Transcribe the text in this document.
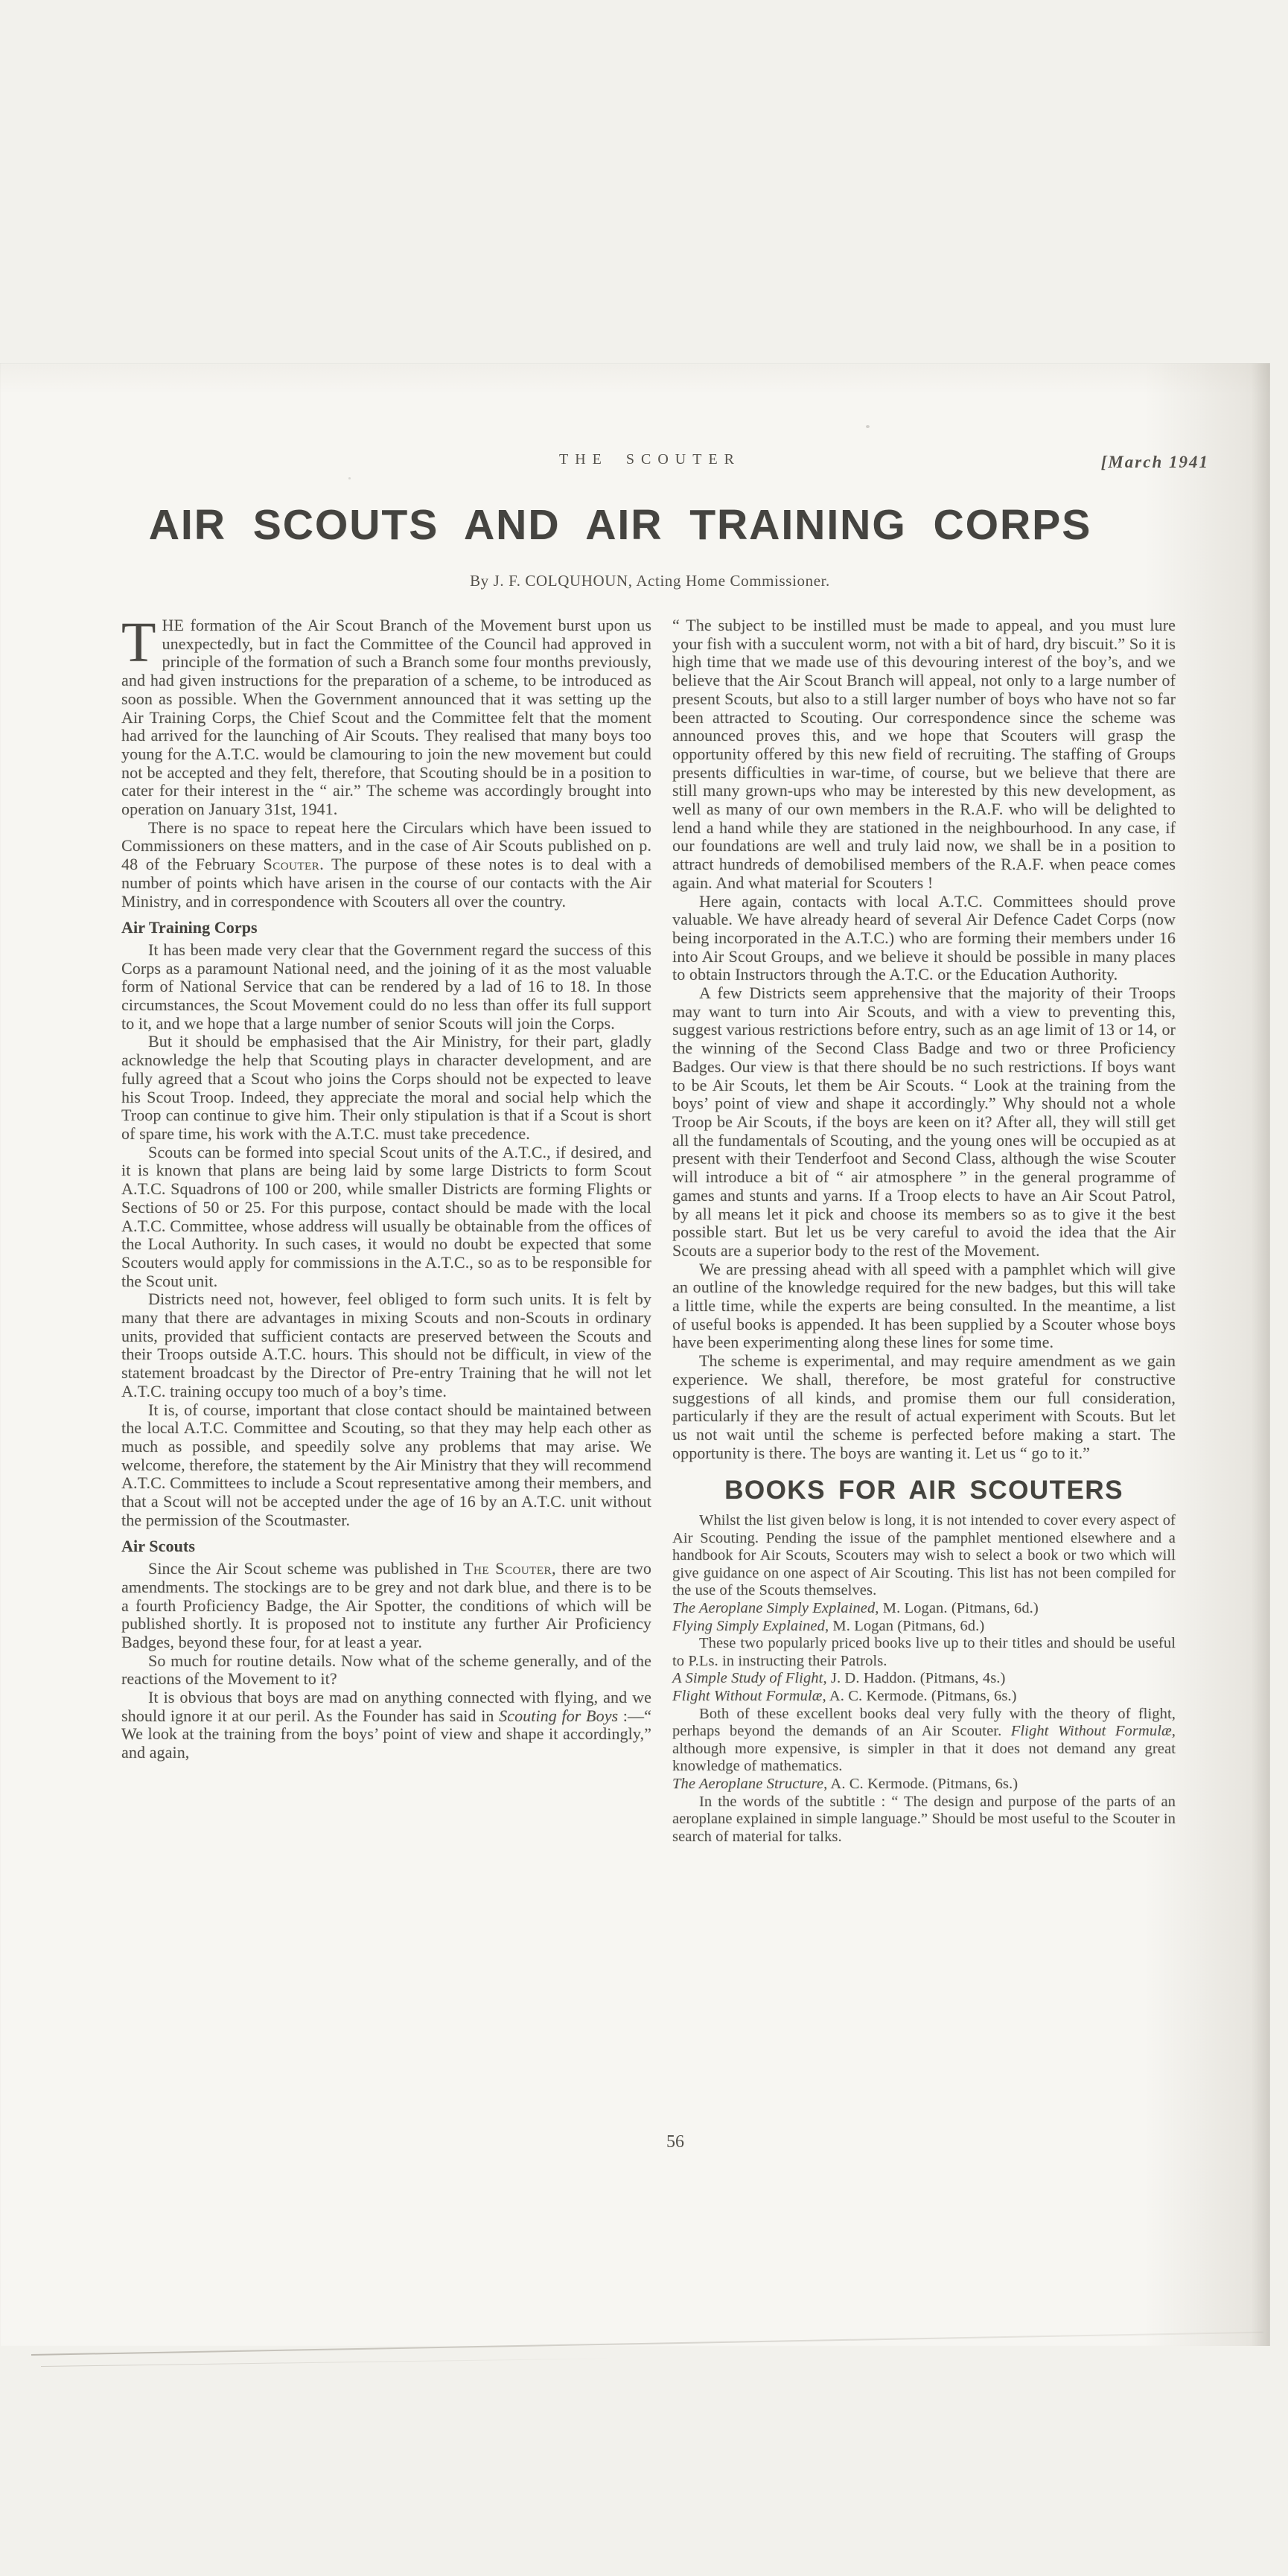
THE SCOUTER	[March 1941
AIR SCOUTS AND AIR TRAINING CORPS

By J. F. COLQUHOUN, Acting Home Commissioner.

THE formation of the Air Scout Branch of the Movement burst upon us unexpectedly, but in fact the Committee of the Council had approved in principle of the formation of such a Branch some four months previously, and had given instructions for the preparation of a scheme, to be introduced as soon as possible. When the Government announced that it was setting up the Air Training Corps, the Chief Scout and the Committee felt that the moment had arrived for the launching of Air Scouts. They realised that many boys too young for the A.T.C. would be clamouring to join the new movement but could not be accepted and they felt, therefore, that Scouting should be in a position to cater for their interest in the “ air.” The scheme was accordingly brought into operation on January 31st, 1941.

There is no space to repeat here the Circulars which have been issued to Commissioners on these matters, and in the case of Air Scouts published on p. 48 of the February Scouter. The purpose of these notes is to deal with a number of points which have arisen in the course of our contacts with the Air Ministry, and in correspondence with Scouters all over the country.

Air Training Corps

It has been made very clear that the Government regard the success of this Corps as a paramount National need, and the joining of it as the most valuable form of National Service that can be rendered by a lad of 16 to 18. In those circumstances, the Scout Movement could do no less than offer its full support to it, and we hope that a large number of senior Scouts will join the Corps.

But it should be emphasised that the Air Ministry, for their part, gladly acknowledge the help that Scouting plays in character development, and are fully agreed that a Scout who joins the Corps should not be expected to leave his Scout Troop. Indeed, they appreciate the moral and social help which the Troop can continue to give him. Their only stipulation is that if a Scout is short of spare time, his work with the A.T.C. must take precedence.

Scouts can be formed into special Scout units of the A.T.C., if desired, and it is known that plans are being laid by some large Districts to form Scout A.T.C. Squadrons of 100 or 200, while smaller Districts are forming Flights or Sections of 50 or 25. For this purpose, contact should be made with the local A.T.C. Committee, whose address will usually be obtainable from the offices of the Local Authority. In such cases, it would no doubt be expected that some Scouters would apply for commissions in the A.T.C., so as to be responsible for the Scout unit.

Districts need not, however, feel obliged to form such units. It is felt by many that there are advantages in mixing Scouts and non-Scouts in ordinary units, provided that sufficient contacts are preserved between the Scouts and their Troops outside A.T.C. hours. This should not be difficult, in view of the statement broadcast by the Director of Pre-entry Training that he will not let A.T.C. training occupy too much of a boy’s time.

It is, of course, important that close contact should be maintained between the local A.T.C. Committee and Scouting, so that they may help each other as much as possible, and speedily solve any problems that may arise. We welcome, therefore, the statement by the Air Ministry that they will recommend A.T.C. Committees to include a Scout representative among their members, and that a Scout will not be accepted under the age of 16 by an A.T.C. unit without the permission of the Scoutmaster.

Air Scouts

Since the Air Scout scheme was published in The Scouter, there are two amendments. The stockings are to be grey and not dark blue, and there is to be a fourth Proficiency Badge, the Air Spotter, the conditions of which will be published shortly. It is proposed not to institute any further Air Proficiency Badges, beyond these four, for at least a year.

So much for routine details. Now what of the scheme generally, and of the reactions of the Movement to it?

It is obvious that boys are mad on anything connected with flying, and we should ignore it at our peril. As the Founder has said in Scouting for Boys :—“ We look at the training from the boys’ point of view and shape it accordingly,” and again,

“ The subject to be instilled must be made to appeal, and you must lure your fish with a succulent worm, not with a bit of hard, dry biscuit.” So it is high time that we made use of this devouring interest of the boy’s, and we believe that the Air Scout Branch will appeal, not only to a large number of present Scouts, but also to a still larger number of boys who have not so far been attracted to Scouting. Our correspondence since the scheme was announced proves this, and we hope that Scouters will grasp the opportunity offered by this new field of recruiting. The staffing of Groups presents difficulties in war-time, of course, but we believe that there are still many grown-ups who may be interested by this new development, as well as many of our own members in the R.A.F. who will be delighted to lend a hand while they are stationed in the neighbourhood. In any case, if our foundations are well and truly laid now, we shall be in a position to attract hundreds of demobilised members of the R.A.F. when peace comes again. And what material for Scouters !

Here again, contacts with local A.T.C. Committees should prove valuable. We have already heard of several Air Defence Cadet Corps (now being incorporated in the A.T.C.) who are forming their members under 16 into Air Scout Groups, and we believe it should be possible in many places to obtain Instructors through the A.T.C. or the Education Authority.

A few Districts seem apprehensive that the majority of their Troops may want to turn into Air Scouts, and with a view to preventing this, suggest various restrictions before entry, such as an age limit of 13 or 14, or the winning of the Second Class Badge and two or three Proficiency Badges. Our view is that there should be no such restrictions. If boys want to be Air Scouts, let them be Air Scouts. “ Look at the training from the boys’ point of view and shape it accordingly.” Why should not a whole Troop be Air Scouts, if the boys are keen on it? After all, they will still get all the fundamentals of Scouting, and the young ones will be occupied as at present with their Tenderfoot and Second Class, although the wise Scouter will introduce a bit of “ air atmosphere ” in the general programme of games and stunts and yarns. If a Troop elects to have an Air Scout Patrol, by all means let it pick and choose its members so as to give it the best possible start. But let us be very careful to avoid the idea that the Air Scouts are a superior body to the rest of the Movement.

We are pressing ahead with all speed with a pamphlet which will give an outline of the knowledge required for the new badges, but this will take a little time, while the experts are being consulted. In the meantime, a list of useful books is appended. It has been supplied by a Scouter whose boys have been experimenting along these lines for some time.

The scheme is experimental, and may require amendment as we gain experience. We shall, therefore, be most grateful for constructive suggestions of all kinds, and promise them our full consideration, particularly if they are the result of actual experiment with Scouts. But let us not wait until the scheme is perfected before making a start. The opportunity is there. The boys are wanting it. Let us “ go to it.”

BOOKS FOR AIR SCOUTERS

Whilst the list given below is long, it is not intended to cover every aspect of Air Scouting. Pending the issue of the pamphlet mentioned elsewhere and a handbook for Air Scouts, Scouters may wish to select a book or two which will give guidance on one aspect of Air Scouting. This list has not been compiled for the use of the Scouts themselves.

The Aeroplane Simply Explained, M. Logan. (Pitmans, 6d.)

Flying Simply Explained, M. Logan (Pitmans, 6d.)

These two popularly priced books live up to their titles and should be useful to P.Ls. in instructing their Patrols.

A Simple Study of Flight, J. D. Haddon. (Pitmans, 4s.)

Flight Without Formulæ, A. C. Kermode. (Pitmans, 6s.)

Both of these excellent books deal very fully with the theory of flight, perhaps beyond the demands of an Air Scouter. Flight Without Formulæ, although more expensive, is simpler in that it does not demand any great knowledge of mathematics.

The Aeroplane Structure, A. C. Kermode. (Pitmans, 6s.)

In the words of the subtitle : “ The design and purpose of the parts of an aeroplane explained in simple language.” Should be most useful to the Scouter in search of material for talks.

56
